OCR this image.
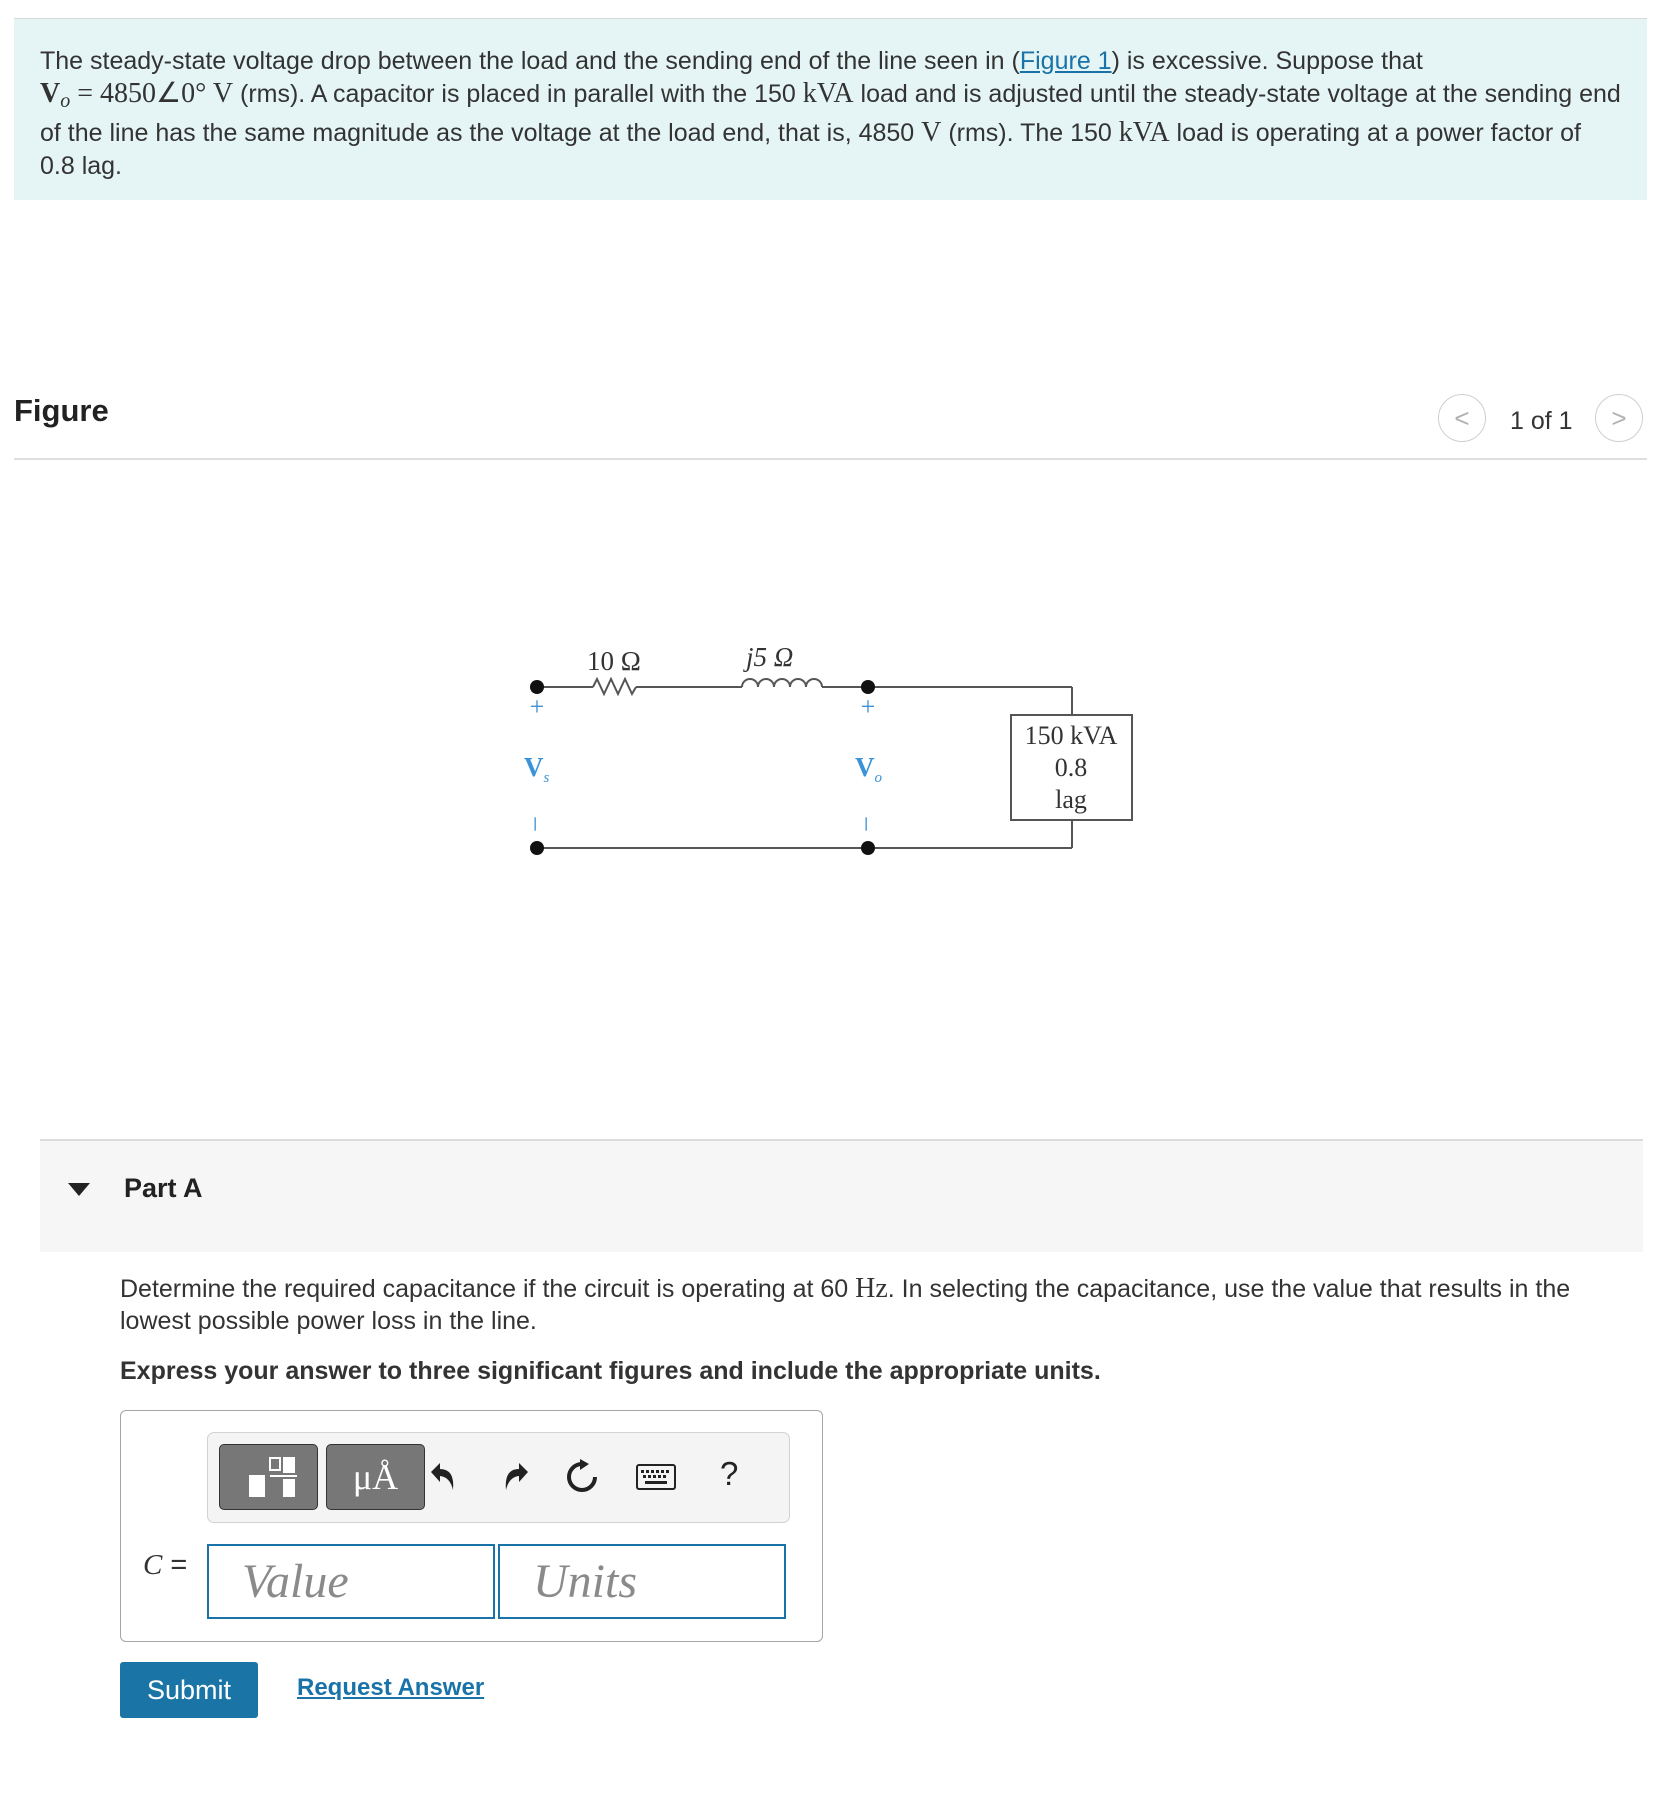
The steady-state voltage drop between the load and the sending end of the line seen in (Figure 1) is excessive. Suppose that
$V_o$ = 4850∠0° V (rms). A capacitor is placed in parallel with the 150 kVA load and is adjusted until the steady-state voltage at the sending end of the line has the same magnitude as the voltage at the load end, that is, 4850 V (rms). The 150 kVA load is operating at a power factor of 0.8 lag.
Figure	< 1 of 1 >
10 Ω	j5 Ω
150 kVA
0.8
lag
+	+
$V_s$	$V_o$
–	–
Part A
Determine the required capacitance if the circuit is operating at 60 Hz. In selecting the capacitance, use the value that results in the lowest possible power loss in the line.
Express your answer to three significant figures and include the appropriate units.
μÅ	?
C =
Value
Units
Submit	Request Answer
